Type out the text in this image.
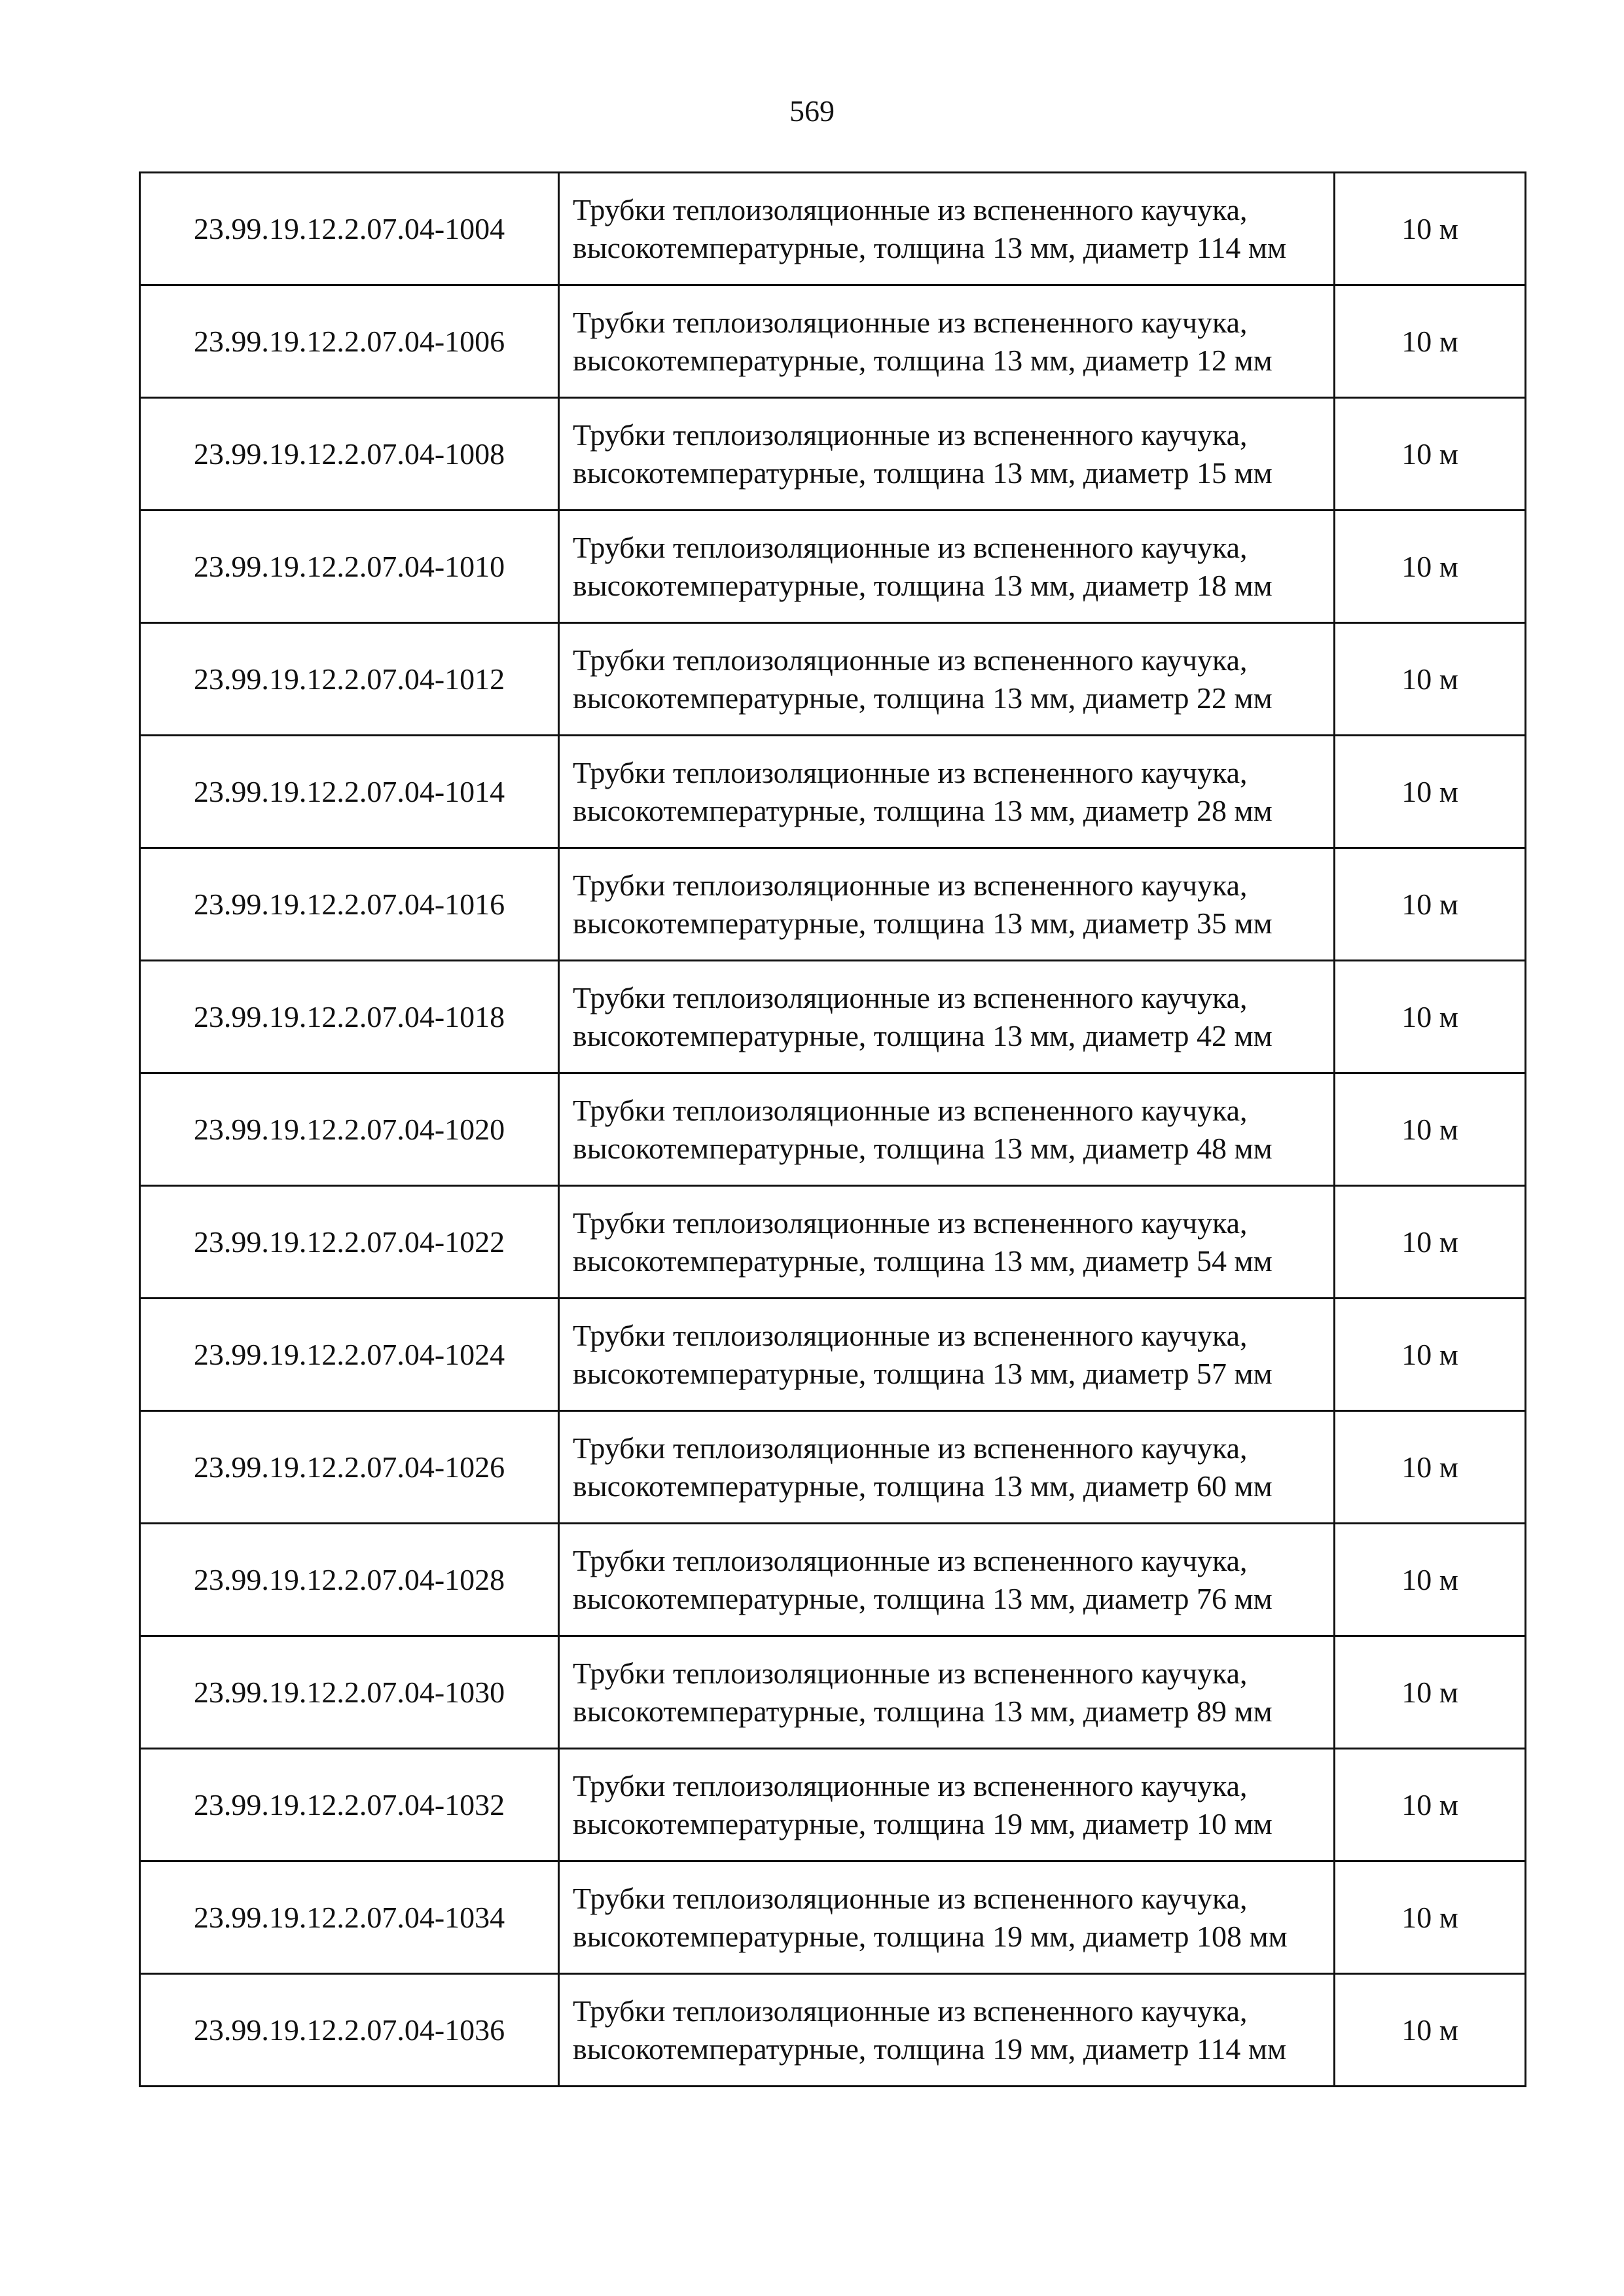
569
23.99.19.12.2.07.04-1004	Трубки теплоизоляционные из вспененного каучука, высокотемпературные, толщина 13 мм, диаметр 114 мм	10 м
23.99.19.12.2.07.04-1006	Трубки теплоизоляционные из вспененного каучука, высокотемпературные, толщина 13 мм, диаметр 12 мм	10 м
23.99.19.12.2.07.04-1008	Трубки теплоизоляционные из вспененного каучука, высокотемпературные, толщина 13 мм, диаметр 15 мм	10 м
23.99.19.12.2.07.04-1010	Трубки теплоизоляционные из вспененного каучука, высокотемпературные, толщина 13 мм, диаметр 18 мм	10 м
23.99.19.12.2.07.04-1012	Трубки теплоизоляционные из вспененного каучука, высокотемпературные, толщина 13 мм, диаметр 22 мм	10 м
23.99.19.12.2.07.04-1014	Трубки теплоизоляционные из вспененного каучука, высокотемпературные, толщина 13 мм, диаметр 28 мм	10 м
23.99.19.12.2.07.04-1016	Трубки теплоизоляционные из вспененного каучука, высокотемпературные, толщина 13 мм, диаметр 35 мм	10 м
23.99.19.12.2.07.04-1018	Трубки теплоизоляционные из вспененного каучука, высокотемпературные, толщина 13 мм, диаметр 42 мм	10 м
23.99.19.12.2.07.04-1020	Трубки теплоизоляционные из вспененного каучука, высокотемпературные, толщина 13 мм, диаметр 48 мм	10 м
23.99.19.12.2.07.04-1022	Трубки теплоизоляционные из вспененного каучука, высокотемпературные, толщина 13 мм, диаметр 54 мм	10 м
23.99.19.12.2.07.04-1024	Трубки теплоизоляционные из вспененного каучука, высокотемпературные, толщина 13 мм, диаметр 57 мм	10 м
23.99.19.12.2.07.04-1026	Трубки теплоизоляционные из вспененного каучука, высокотемпературные, толщина 13 мм, диаметр 60 мм	10 м
23.99.19.12.2.07.04-1028	Трубки теплоизоляционные из вспененного каучука, высокотемпературные, толщина 13 мм, диаметр 76 мм	10 м
23.99.19.12.2.07.04-1030	Трубки теплоизоляционные из вспененного каучука, высокотемпературные, толщина 13 мм, диаметр 89 мм	10 м
23.99.19.12.2.07.04-1032	Трубки теплоизоляционные из вспененного каучука, высокотемпературные, толщина 19 мм, диаметр 10 мм	10 м
23.99.19.12.2.07.04-1034	Трубки теплоизоляционные из вспененного каучука, высокотемпературные, толщина 19 мм, диаметр 108 мм	10 м
23.99.19.12.2.07.04-1036	Трубки теплоизоляционные из вспененного каучука, высокотемпературные, толщина 19 мм, диаметр 114 мм	10 м
